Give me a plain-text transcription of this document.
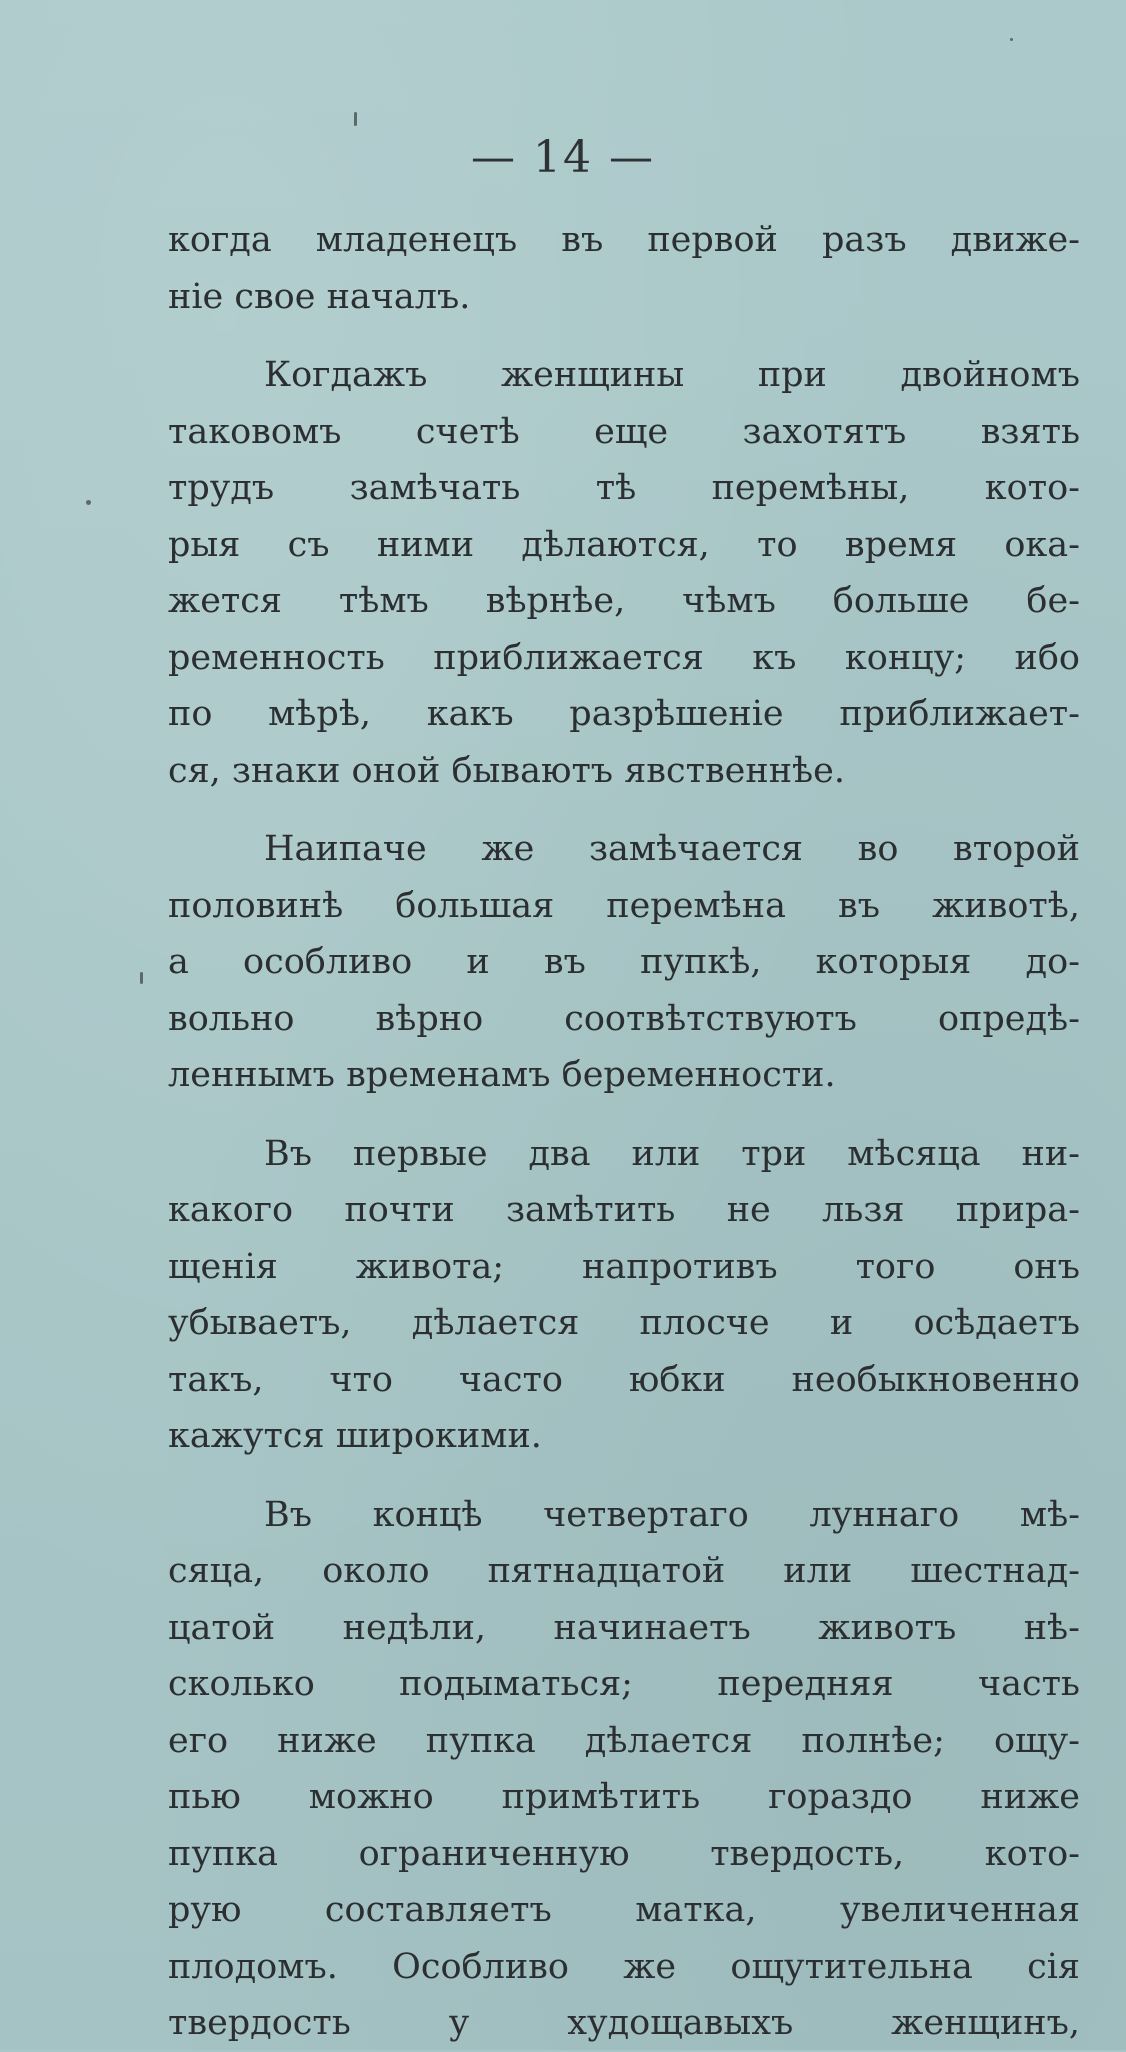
— 14 —
когда младенецъ въ первой разъ движе-
нiе свое началъ.
Когдажъ женщины при двойномъ
таковомъ счетѣ еще захотятъ взять
трудъ замѣчать тѣ перемѣны, кото-
рыя съ ними дѣлаются, то время ока-
жется тѣмъ вѣрнѣе, чѣмъ больше бе-
ременность приближается къ концу; ибо
по мѣрѣ, какъ разрѣшенiе приближает-
ся, знаки оной бываютъ явственнѣе.
Наипаче же замѣчается во второй
половинѣ большая перемѣна въ животѣ,
а особливо и въ пупкѣ, которыя до-
вольно вѣрно соотвѣтствуютъ опредѣ-
леннымъ временамъ беременности.
Въ первые два или три мѣсяца ни-
какого почти замѣтить не льзя прира-
щенiя живота; напротивъ того онъ
убываетъ, дѣлается плосче и осѣдаетъ
такъ, что часто юбки необыкновенно
кажутся широкими.
Въ концѣ четвертаго луннаго мѣ-
сяца, около пятнадцатой или шестнад-
цатой недѣли, начинаетъ животъ нѣ-
сколько подыматься; передняя часть
его ниже пупка дѣлается полнѣе; ощу-
пью можно примѣтить гораздо ниже
пупка ограниченную твердость, кото-
рую составляетъ матка, увеличенная
плодомъ. Особливо же ощутительна сiя
твердость у худощавыхъ женщинъ,
